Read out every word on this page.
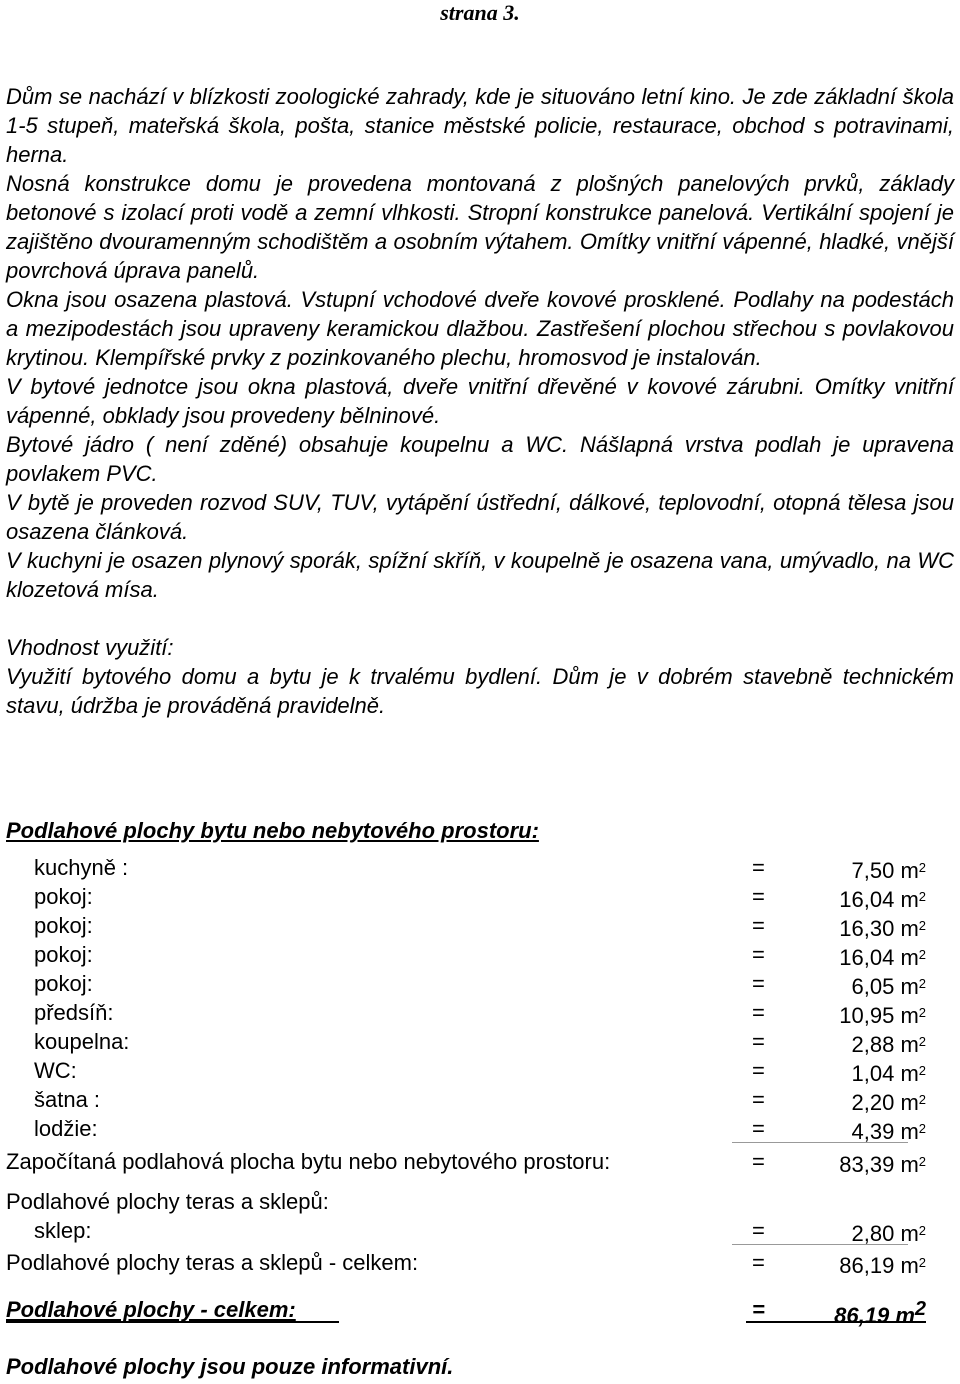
strana 3.

Dům se nachází v blízkosti zoologické zahrady, kde je situováno letní kino. Je zde základní škola 1-5 stupeň, mateřská škola, pošta, stanice městské policie, restaurace, obchod s potravinami, herna.

Nosná konstrukce domu je provedena montovaná z plošných panelových prvků, základy betonové s izolací proti vodě a zemní vlhkosti. Stropní konstrukce panelová. Vertikální spojení je zajištěno dvouramenným schodištěm a osobním výtahem. Omítky vnitřní vápenné, hladké, vnější povrchová úprava panelů.

Okna jsou osazena plastová. Vstupní vchodové dveře kovové prosklené. Podlahy na podestách a mezipodestách jsou upraveny keramickou dlažbou. Zastřešení plochou střechou s povlakovou krytinou. Klempířské prvky z pozinkovaného plechu, hromosvod je instalován.

V bytové jednotce jsou okna plastová, dveře vnitřní dřevěné v kovové zárubni. Omítky vnitřní vápenné, obklady jsou provedeny bělninové.

Bytové jádro ( není zděné) obsahuje koupelnu a WC. Nášlapná vrstva podlah je upravena povlakem PVC.

V bytě je proveden rozvod SUV, TUV, vytápění ústřední, dálkové, teplovodní, otopná tělesa jsou osazena článková.

V kuchyni je osazen plynový sporák, spížní skříň, v koupelně je osazena vana, umývadlo, na WC klozetová mísa.

Vhodnost využití:

Využití bytového domu a bytu je k trvalému bydlení. Dům je v dobrém stavebně technickém stavu, údržba je prováděná pravidelně.

Podlahové plochy bytu nebo nebytového prostoru:
kuchyně :	=	7,50 $m^2$
pokoj:	=	16,04 $m^2$
pokoj:	=	16,30 $m^2$
pokoj:	=	16,04 $m^2$
pokoj:	=	6,05 $m^2$
předsíň:	=	10,95 $m^2$
koupelna:	=	2,88 $m^2$
WC:	=	1,04 $m^2$
šatna :	=	2,20 $m^2$
lodžie:	=	4,39 $m^2$
Započítaná podlahová plocha bytu nebo nebytového prostoru:	=	83,39 $m^2$
Podlahové plochy teras a sklepů:
sklep:	=	2,80 $m^2$
Podlahové plochy teras a sklepů - celkem:	=	86,19 $m^2$
Podlahové plochy - celkem:	=	86,19 $m^2$
Podlahové plochy jsou pouze informativní.
